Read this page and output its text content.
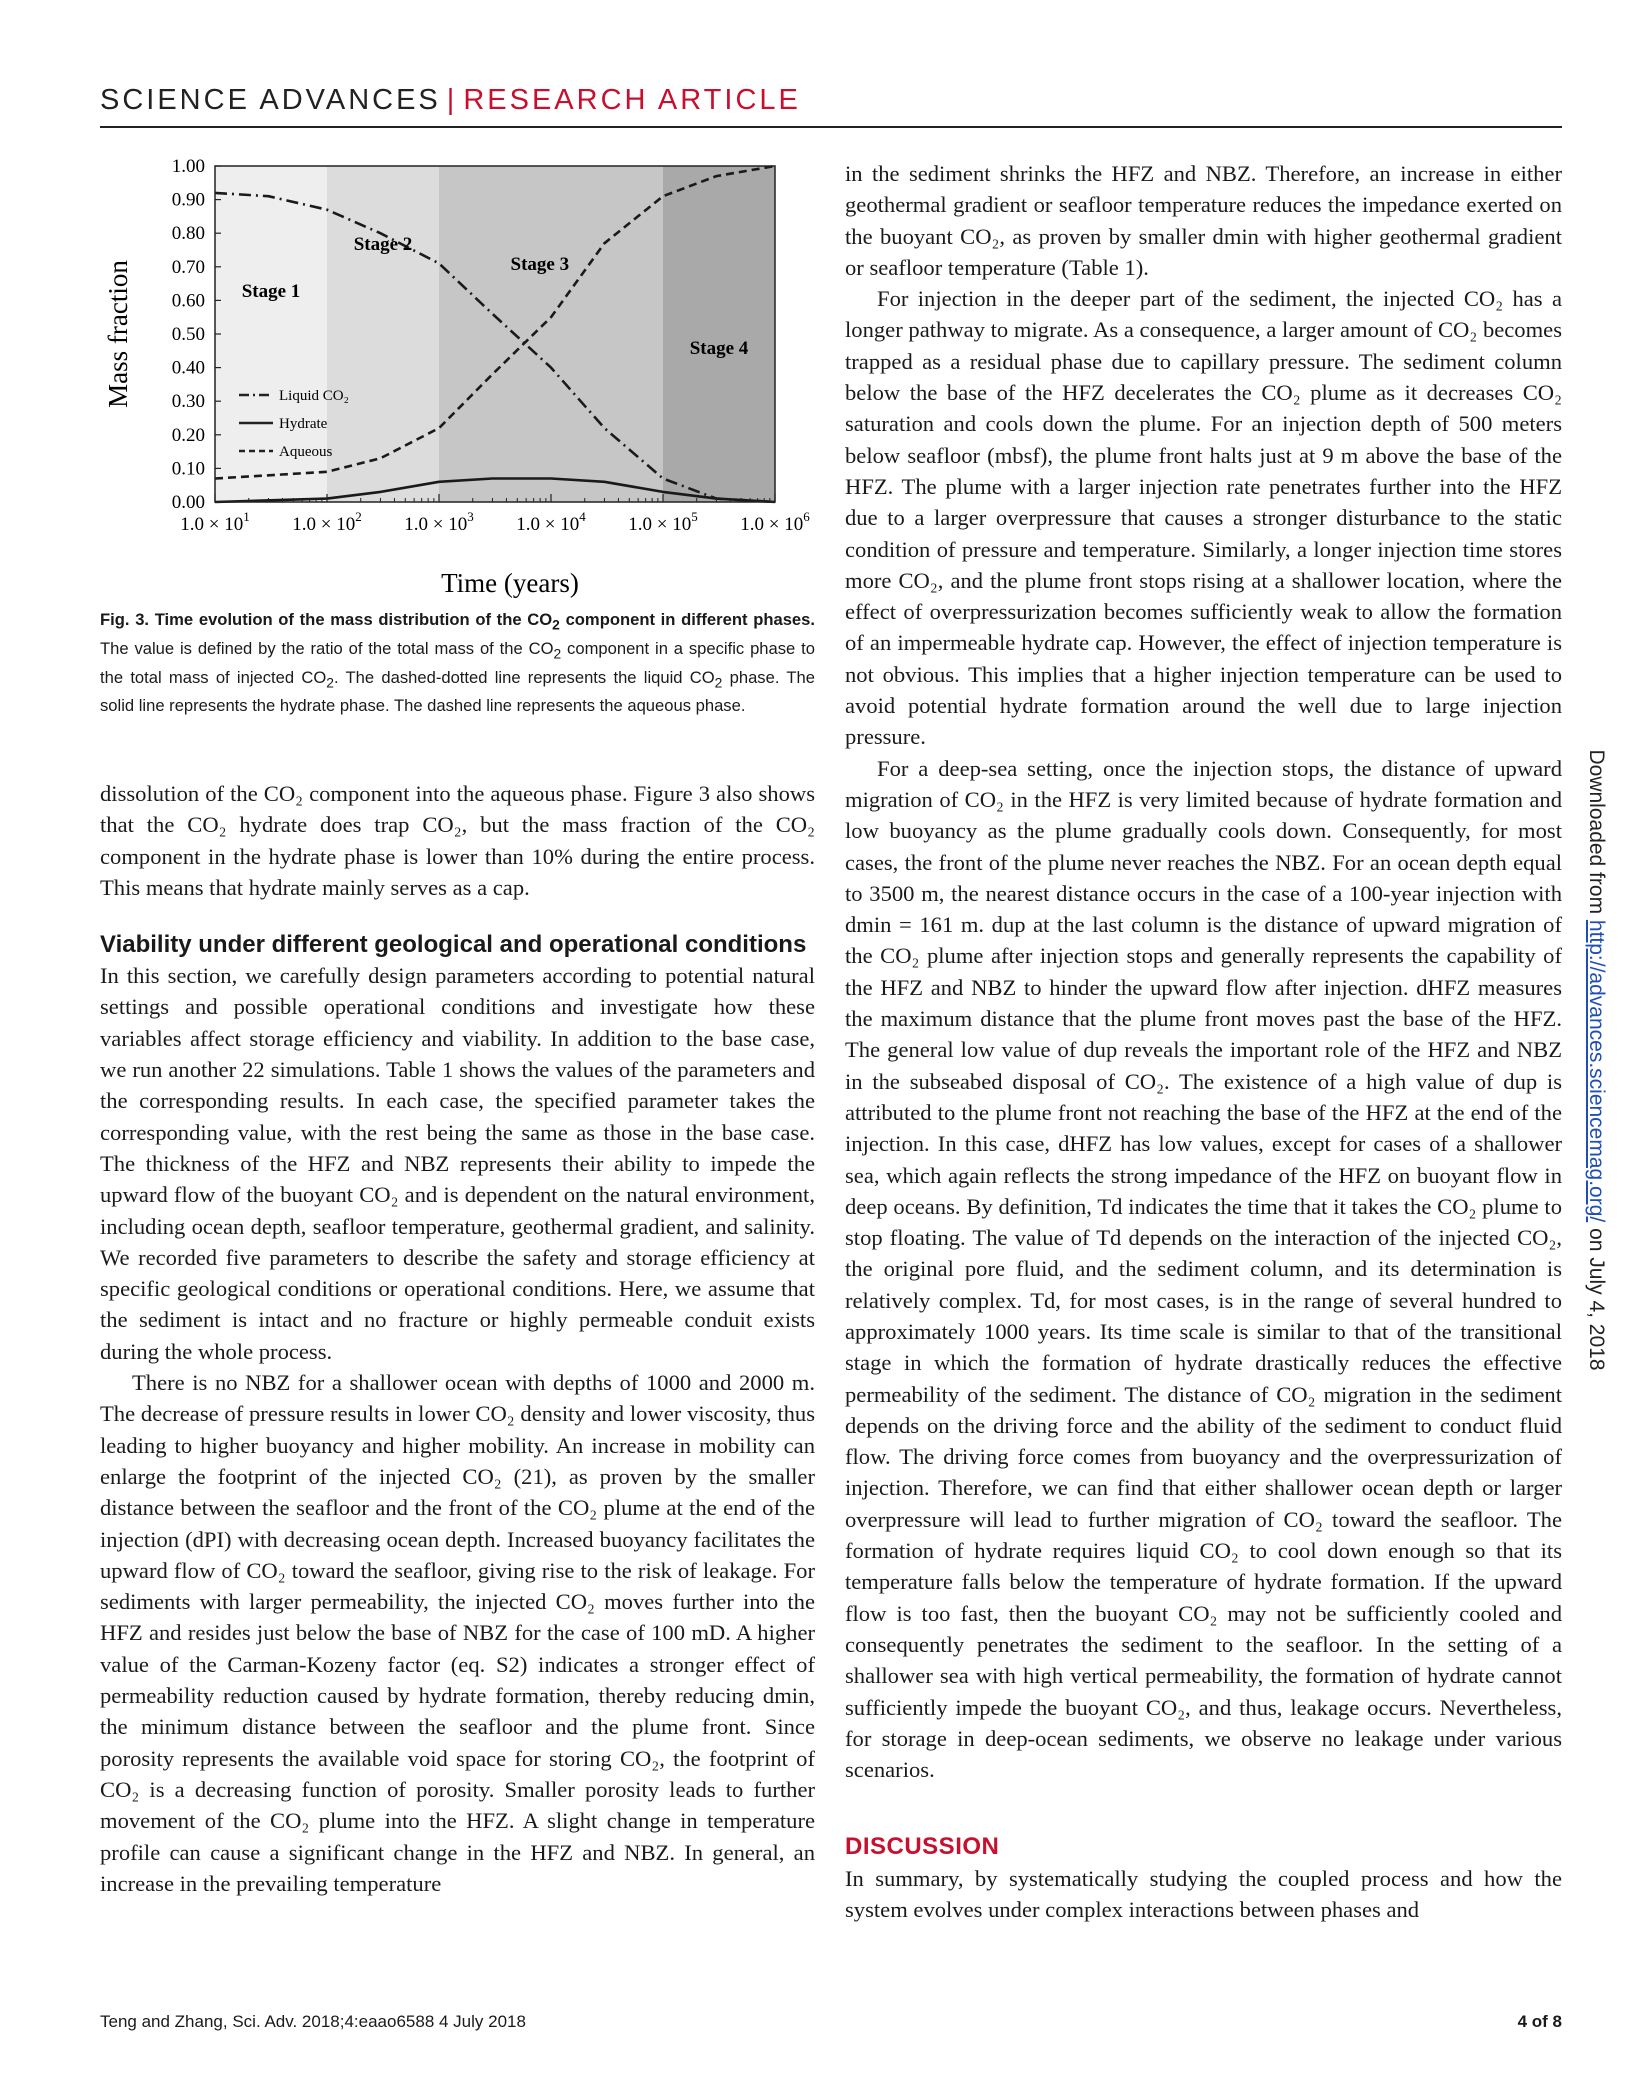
SCIENCE ADVANCES | RESEARCH ARTICLE
0.00
0.10
0.20
0.30
0.40
0.50
0.60
0.70
0.80
0.90
1.00
$1.0 \times 10^1$ $1.0 \times 10^2$ $1.0 \times 10^3$ $1.0 \times 10^4$ $1.0 \times 10^5$ $1.0 \times 10^6$
Stage 1
Stage 2
Stage 3
Stage 4
Liquid CO₂
Hydrate
Aqueous
Mass fraction
Time (years)
Fig. 3. Time evolution of the mass distribution of the $CO_2$ component in different phases. The value is defined by the ratio of the total mass of the $CO_2$ component in a specific phase to the total mass of injected $CO_2$. The dashed-dotted line represents the liquid $CO_2$ phase. The solid line represents the hydrate phase. The dashed line represents the aqueous phase.

dissolution of the CO₂ component into the aqueous phase. Figure 3 also shows that the CO₂ hydrate does trap CO₂, but the mass fraction of the CO₂ component in the hydrate phase is lower than 10% during the entire process. This means that hydrate mainly serves as a cap.

Viability under different geological and operational conditions

In this section, we carefully design parameters according to potential natural settings and possible operational conditions and investigate how these variables affect storage efficiency and viability. In addition to the base case, we run another 22 simulations. Table 1 shows the values of the parameters and the corresponding results. In each case, the specified parameter takes the corresponding value, with the rest being the same as those in the base case. The thickness of the HFZ and NBZ represents their ability to impede the upward flow of the buoyant CO₂ and is dependent on the natural environment, including ocean depth, seafloor temperature, geothermal gradient, and salinity. We recorded five parameters to describe the safety and storage efficiency at specific geological conditions or operational conditions. Here, we assume that the sediment is intact and no fracture or highly permeable conduit exists during the whole process.

There is no NBZ for a shallower ocean with depths of 1000 and 2000 m. The decrease of pressure results in lower CO₂ density and lower viscosity, thus leading to higher buoyancy and higher mobility. An increase in mobility can enlarge the footprint of the injected CO₂ (21), as proven by the smaller distance between the seafloor and the front of the CO₂ plume at the end of the injection (dPI) with decreasing ocean depth. Increased buoyancy facilitates the upward flow of CO₂ toward the seafloor, giving rise to the risk of leakage. For sediments with larger permeability, the injected CO₂ moves further into the HFZ and resides just below the base of NBZ for the case of 100 mD. A higher value of the Carman-Kozeny factor (eq. S2) indicates a stronger effect of permeability reduction caused by hydrate formation, thereby reducing dmin, the minimum distance between the seafloor and the plume front. Since porosity represents the available void space for storing CO₂, the footprint of CO₂ is a decreasing function of porosity. Smaller porosity leads to further movement of the CO₂ plume into the HFZ. A slight change in temperature profile can cause a significant change in the HFZ and NBZ. In general, an increase in the prevailing temperature

in the sediment shrinks the HFZ and NBZ. Therefore, an increase in either geothermal gradient or seafloor temperature reduces the impedance exerted on the buoyant CO₂, as proven by smaller dmin with higher geothermal gradient or seafloor temperature (Table 1).

For injection in the deeper part of the sediment, the injected CO₂ has a longer pathway to migrate. As a consequence, a larger amount of CO₂ becomes trapped as a residual phase due to capillary pressure. The sediment column below the base of the HFZ decelerates the CO₂ plume as it decreases CO₂ saturation and cools down the plume. For an injection depth of 500 meters below seafloor (mbsf), the plume front halts just at 9 m above the base of the HFZ. The plume with a larger injection rate penetrates further into the HFZ due to a larger overpressure that causes a stronger disturbance to the static condition of pressure and temperature. Similarly, a longer injection time stores more CO₂, and the plume front stops rising at a shallower location, where the effect of overpressurization becomes sufficiently weak to allow the formation of an impermeable hydrate cap. However, the effect of injection temperature is not obvious. This implies that a higher injection temperature can be used to avoid potential hydrate formation around the well due to large injection pressure.

For a deep-sea setting, once the injection stops, the distance of upward migration of CO₂ in the HFZ is very limited because of hydrate formation and low buoyancy as the plume gradually cools down. Consequently, for most cases, the front of the plume never reaches the NBZ. For an ocean depth equal to 3500 m, the nearest distance occurs in the case of a 100-year injection with dmin = 161 m. dup at the last column is the distance of upward migration of the CO₂ plume after injection stops and generally represents the capability of the HFZ and NBZ to hinder the upward flow after injection. dHFZ measures the maximum distance that the plume front moves past the base of the HFZ. The general low value of dup reveals the important role of the HFZ and NBZ in the subseabed disposal of CO₂. The existence of a high value of dup is attributed to the plume front not reaching the base of the HFZ at the end of the injection. In this case, dHFZ has low values, except for cases of a shallower sea, which again reflects the strong impedance of the HFZ on buoyant flow in deep oceans. By definition, Td indicates the time that it takes the CO₂ plume to stop floating. The value of Td depends on the interaction of the injected CO₂, the original pore fluid, and the sediment column, and its determination is relatively complex. Td, for most cases, is in the range of several hundred to approximately 1000 years. Its time scale is similar to that of the transitional stage in which the formation of hydrate drastically reduces the effective permeability of the sediment. The distance of CO₂ migration in the sediment depends on the driving force and the ability of the sediment to conduct fluid flow. The driving force comes from buoyancy and the overpressurization of injection. Therefore, we can find that either shallower ocean depth or larger overpressure will lead to further migration of CO₂ toward the seafloor. The formation of hydrate requires liquid CO₂ to cool down enough so that its temperature falls below the temperature of hydrate formation. If the upward flow is too fast, then the buoyant CO₂ may not be sufficiently cooled and consequently penetrates the sediment to the seafloor. In the setting of a shallower sea with high vertical permeability, the formation of hydrate cannot sufficiently impede the buoyant CO₂, and thus, leakage occurs. Nevertheless, for storage in deep-ocean sediments, we observe no leakage under various scenarios.

DISCUSSION

In summary, by systematically studying the coupled process and how the system evolves under complex interactions between phases and

Downloaded from http://advances.sciencemag.org/ on July 4, 2018
Teng and Zhang, Sci. Adv. 2018;4:eaao6588 4 July 2018	4 of 8
